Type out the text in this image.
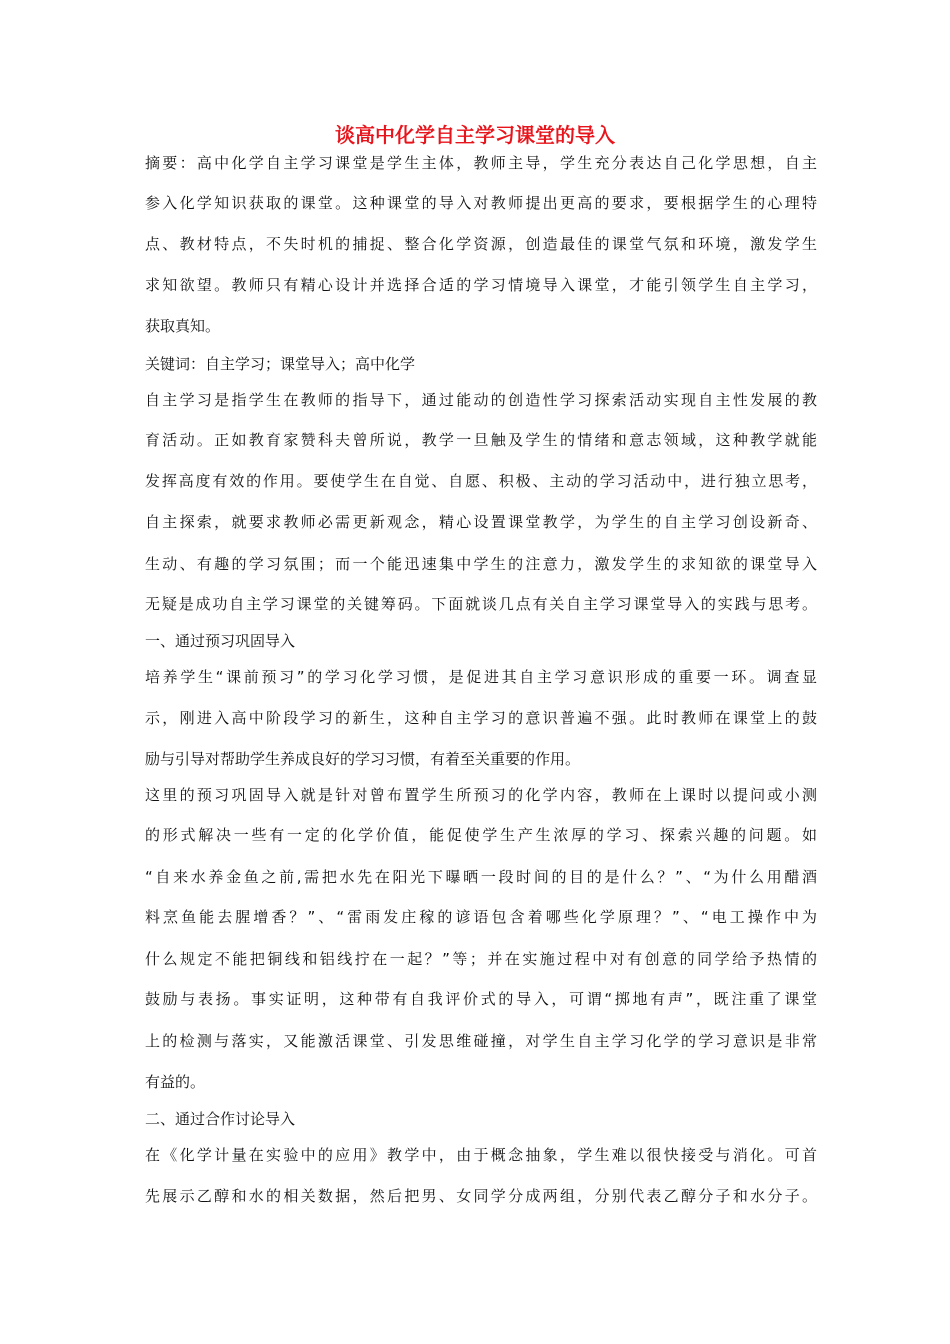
谈高中化学自主学习课堂的导入
摘要：高中化学自主学习课堂是学生主体，教师主导，学生充分表达自己化学思想，自主
参入化学知识获取的课堂。这种课堂的导入对教师提出更高的要求，要根据学生的心理特
点、教材特点，不失时机的捕捉、整合化学资源，创造最佳的课堂气氛和环境，激发学生
求知欲望。教师只有精心设计并选择合适的学习情境导入课堂，才能引领学生自主学习，
获取真知。
关键词：自主学习；课堂导入；高中化学
自主学习是指学生在教师的指导下，通过能动的创造性学习探索活动实现自主性发展的教
育活动。正如教育家赞科夫曾所说，教学一旦触及学生的情绪和意志领域，这种教学就能
发挥高度有效的作用。要使学生在自觉、自愿、积极、主动的学习活动中，进行独立思考，
自主探索，就要求教师必需更新观念，精心设置课堂教学，为学生的自主学习创设新奇、
生动、有趣的学习氛围；而一个能迅速集中学生的注意力，激发学生的求知欲的课堂导入
无疑是成功自主学习课堂的关键筹码。下面就谈几点有关自主学习课堂导入的实践与思考。
一、通过预习巩固导入
培养学生“课前预习”的学习化学习惯，是促进其自主学习意识形成的重要一环。调查显
示，刚进入高中阶段学习的新生，这种自主学习的意识普遍不强。此时教师在课堂上的鼓
励与引导对帮助学生养成良好的学习习惯，有着至关重要的作用。
这里的预习巩固导入就是针对曾布置学生所预习的化学内容，教师在上课时以提问或小测
的形式解决一些有一定的化学价值，能促使学生产生浓厚的学习、探索兴趣的问题。如
“自来水养金鱼之前,需把水先在阳光下曝晒一段时间的目的是什么？”、“为什么用醋酒
料烹鱼能去腥增香？”、“雷雨发庄稼的谚语包含着哪些化学原理？”、“电工操作中为
什么规定不能把铜线和铝线拧在一起？”等；并在实施过程中对有创意的同学给予热情的
鼓励与表扬。事实证明，这种带有自我评价式的导入，可谓“掷地有声”，既注重了课堂
上的检测与落实，又能激活课堂、引发思维碰撞，对学生自主学习化学的学习意识是非常
有益的。
二、通过合作讨论导入
在《化学计量在实验中的应用》教学中，由于概念抽象，学生难以很快接受与消化。可首
先展示乙醇和水的相关数据，然后把男、女同学分成两组，分别代表乙醇分子和水分子。
